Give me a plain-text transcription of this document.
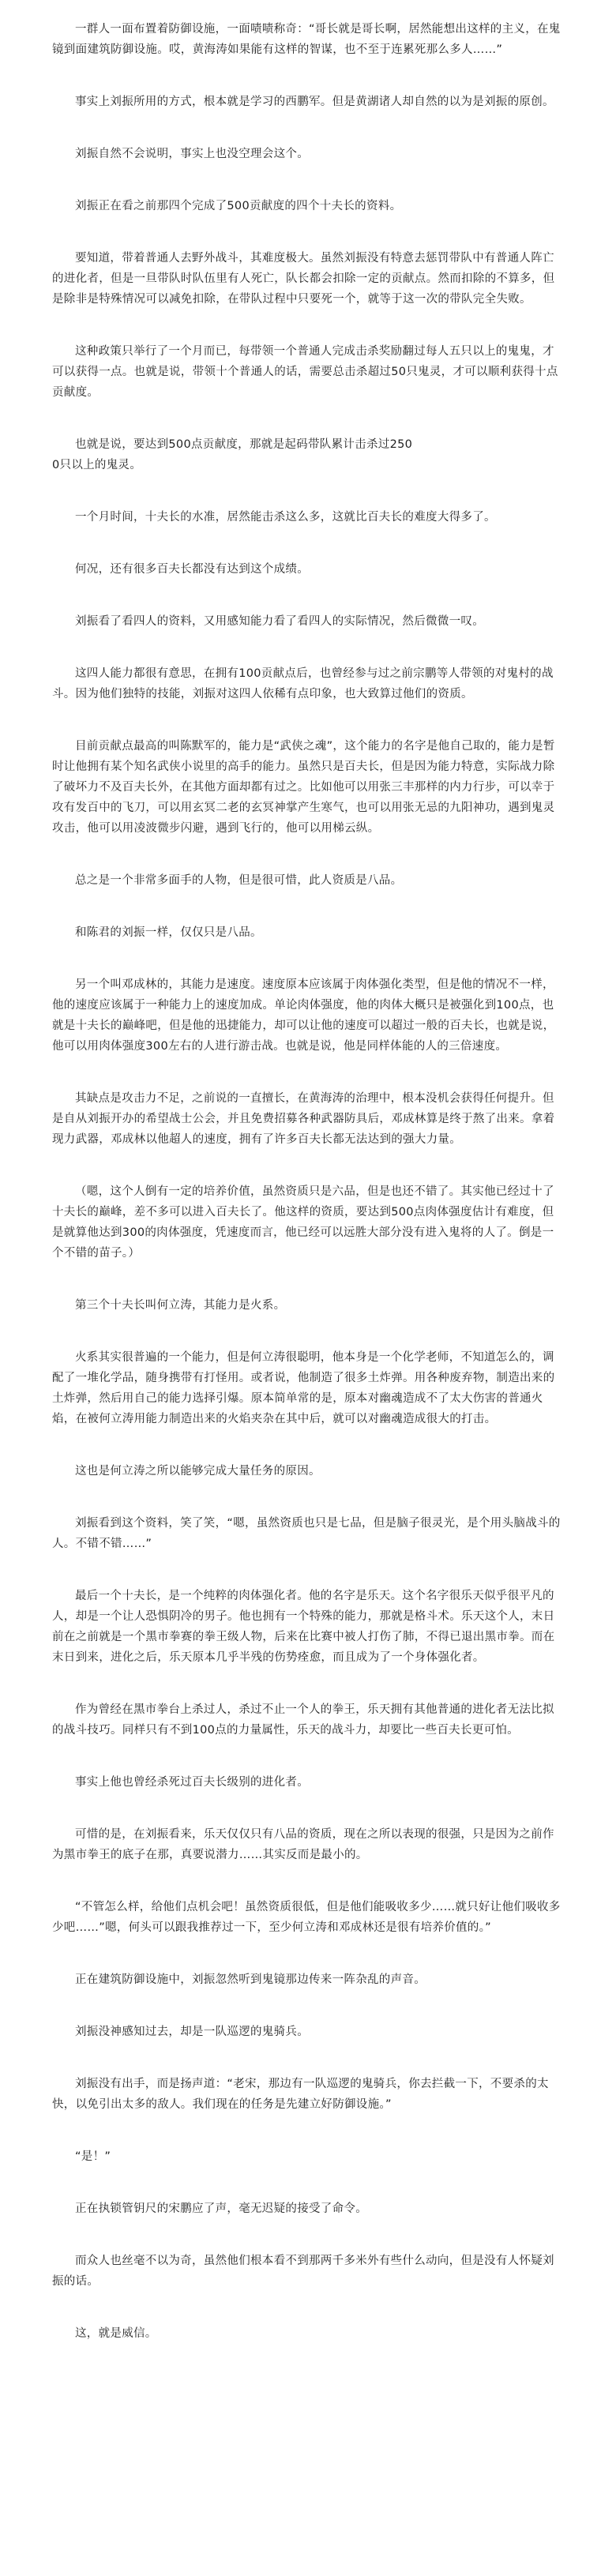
一群人一面布置着防御设施，一面啧啧称奇：“哥长就是哥长啊，居然能想出这样的主义，在鬼镜到面建筑防御设施。哎，黄海涛如果能有这样的智谋，也不至于连累死那么多人……”

事实上刘振所用的方式，根本就是学习的西鹏军。但是黄湖诸人却自然的以为是刘振的原创。

刘振自然不会说明，事实上也没空理会这个。

刘振正在看之前那四个完成了500贡献度的四个十夫长的资料。

要知道，带着普通人去野外战斗，其难度极大。虽然刘振没有特意去惩罚带队中有普通人阵亡的进化者，但是一旦带队时队伍里有人死亡，队长都会扣除一定的贡献点。然而扣除的不算多，但是除非是特殊情况可以减免扣除，在带队过程中只要死一个，就等于这一次的带队完全失败。

这种政策只举行了一个月而已，每带领一个普通人完成击杀奖励翻过每人五只以上的鬼鬼，才可以获得一点。也就是说，带领十个普通人的话，需要总击杀超过50只鬼灵，才可以顺利获得十点贡献度。

也就是说，要达到500点贡献度，那就是起码带队累计击杀过250
0只以上的鬼灵。

一个月时间，十夫长的水准，居然能击杀这么多，这就比百夫长的难度大得多了。

何况，还有很多百夫长都没有达到这个成绩。

刘振看了看四人的资料，又用感知能力看了看四人的实际情况，然后微微一叹。

这四人能力都很有意思，在拥有100贡献点后，也曾经参与过之前宗鹏等人带领的对鬼村的战斗。因为他们独特的技能，刘振对这四人依稀有点印象，也大致算过他们的资质。

目前贡献点最高的叫陈默军的，能力是“武侠之魂”，这个能力的名字是他自己取的，能力是暂时让他拥有某个知名武侠小说里的高手的能力。虽然只是百夫长，但是因为能力特意，实际战力除了破坏力不及百夫长外，在其他方面却都有过之。比如他可以用张三丰那样的内力行步，可以幸于攻有发百中的飞刀，可以用玄冥二老的玄冥神掌产生寒气，也可以用张无忌的九阳神功，遇到鬼灵攻击，他可以用凌波微步闪避，遇到飞行的，他可以用梯云纵。

总之是一个非常多面手的人物，但是很可惜，此人资质是八品。

和陈君的刘振一样，仅仅只是八品。

另一个叫邓成林的，其能力是速度。速度原本应该属于肉体强化类型，但是他的情况不一样，他的速度应该属于一种能力上的速度加成。单论肉体强度，他的肉体大概只是被强化到100点，也就是十夫长的巅峰吧，但是他的迅捷能力，却可以让他的速度可以超过一般的百夫长，也就是说，他可以用肉体强度300左右的人进行游击战。也就是说，他是同样体能的人的三倍速度。

其缺点是攻击力不足，之前说的一直擅长，在黄海涛的治理中，根本没机会获得任何提升。但是自从刘振开办的希望战士公会，并且免费招募各种武器防具后，邓成林算是终于熬了出来。拿着现力武器，邓成林以他超人的速度，拥有了许多百夫长都无法达到的强大力量。

（嗯，这个人倒有一定的培养价值，虽然资质只是六品，但是也还不错了。其实他已经过十了十夫长的巅峰，差不多可以进入百夫长了。他这样的资质，要达到500点肉体强度估计有难度，但是就算他达到300的肉体强度，凭速度而言，他已经可以远胜大部分没有进入鬼将的人了。倒是一个不错的苗子。）

第三个十夫长叫何立涛，其能力是火系。

火系其实很普遍的一个能力，但是何立涛很聪明，他本身是一个化学老师，不知道怎么的，调配了一堆化学品，随身携带有打怪用。或者说，他制造了很多土炸弹。用各种废弃物，制造出来的土炸弹，然后用自己的能力选择引爆。原本简单常的是，原本对幽魂造成不了太大伤害的普通火焰，在被何立涛用能力制造出来的火焰夹杂在其中后，就可以对幽魂造成很大的打击。

这也是何立涛之所以能够完成大量任务的原因。

刘振看到这个资料，笑了笑，“嗯，虽然资质也只是七品，但是脑子很灵光，是个用头脑战斗的人。不错不错……”

最后一个十夫长，是一个纯粹的肉体强化者。他的名字是乐天。这个名字很乐天似乎很平凡的人，却是一个让人恐惧阴冷的男子。他也拥有一个特殊的能力，那就是格斗术。乐天这个人，末日前在之前就是一个黑市拳赛的拳王级人物，后来在比赛中被人打伤了肺，不得已退出黑市拳。而在末日到来，进化之后，乐天原本几乎半残的伤势痊愈，而且成为了一个身体强化者。

作为曾经在黑市拳台上杀过人，杀过不止一个人的拳王，乐天拥有其他普通的进化者无法比拟的战斗技巧。同样只有不到100点的力量属性，乐天的战斗力，却要比一些百夫长更可怕。

事实上他也曾经杀死过百夫长级别的进化者。

可惜的是，在刘振看来，乐天仅仅只有八品的资质，现在之所以表现的很强，只是因为之前作为黑市拳王的底子在那，真要说潜力……其实反而是最小的。

“不管怎么样，给他们点机会吧！虽然资质很低，但是他们能吸收多少……就只好让他们吸收多少吧……”嗯，何头可以跟我推荐过一下，至少何立涛和邓成林还是很有培养价值的。”

正在建筑防御设施中，刘振忽然听到鬼镜那边传来一阵杂乱的声音。

刘振没神感知过去，却是一队巡逻的鬼骑兵。

刘振没有出手，而是扬声道：“老宋，那边有一队巡逻的鬼骑兵，你去拦截一下，不要杀的太快，以免引出太多的敌人。我们现在的任务是先建立好防御设施。”

“是！”

正在执锁管钥尺的宋鹏应了声，毫无迟疑的接受了命令。

而众人也丝毫不以为奇，虽然他们根本看不到那两千多米外有些什么动向，但是没有人怀疑刘振的话。

这，就是威信。
